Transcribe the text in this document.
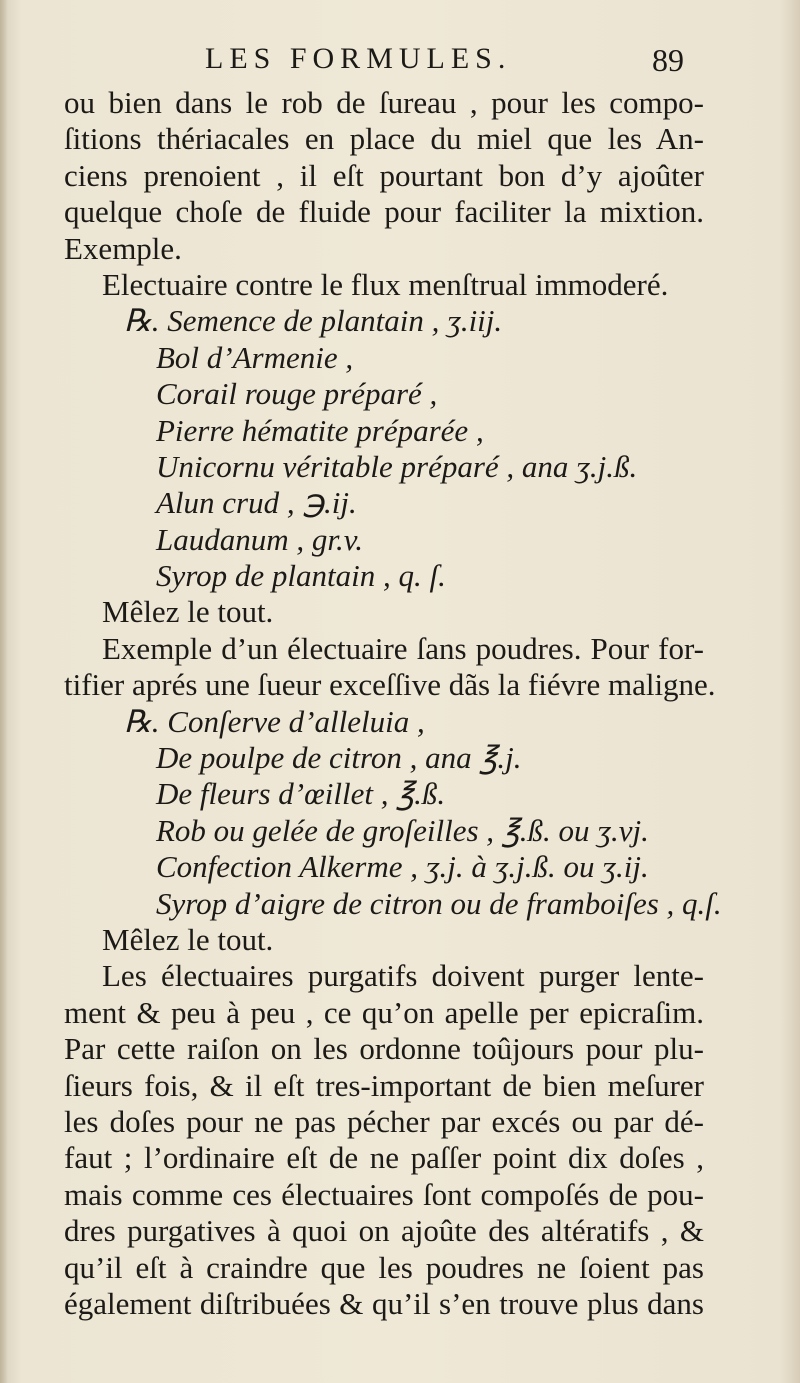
LES FORMULES.	89
ou bien dans le rob de ſureau , pour les compo-
ſitions thériacales en place du miel que les An-
ciens prenoient , il eſt pourtant bon d’y ajoûter
quelque choſe de fluide pour faciliter la mixtion.
Exemple.
Electuaire contre le flux menſtrual immoderé.
℞. Semence de plantain , ʒ.iij.
Bol d’Armenie ,
Corail rouge préparé ,
Pierre hématite préparée ,
Unicornu véritable préparé , ana ʒ.j.ß.
Alun crud , ℈.ij.
Laudanum , gr.v.
Syrop de plantain , q. ſ.
Mêlez le tout.
Exemple d’un électuaire ſans poudres. Pour for-
tifier aprés une ſueur exceſſive dãs la fiévre maligne.
℞. Conſerve d’alleluia ,
De poulpe de citron , ana ℥.j.
De fleurs d’œillet , ℥.ß.
Rob ou gelée de groſeilles , ℥.ß. ou ʒ.vj.
Confection Alkerme , ʒ.j. à ʒ.j.ß. ou ʒ.ij.
Syrop d’aigre de citron ou de framboiſes , q.ſ.
Mêlez le tout.
Les électuaires purgatifs doivent purger lente-
ment & peu à peu , ce qu’on apelle per epicraſim.
Par cette raiſon on les ordonne toûjours pour plu-
ſieurs fois, & il eſt tres-important de bien meſurer
les doſes pour ne pas pécher par excés ou par dé-
faut ; l’ordinaire eſt de ne paſſer point dix doſes ,
mais comme ces électuaires ſont compoſés de pou-
dres purgatives à quoi on ajoûte des altératifs , &
qu’il eſt à craindre que les poudres ne ſoient pas
également diſtribuées & qu’il s’en trouve plus dans
